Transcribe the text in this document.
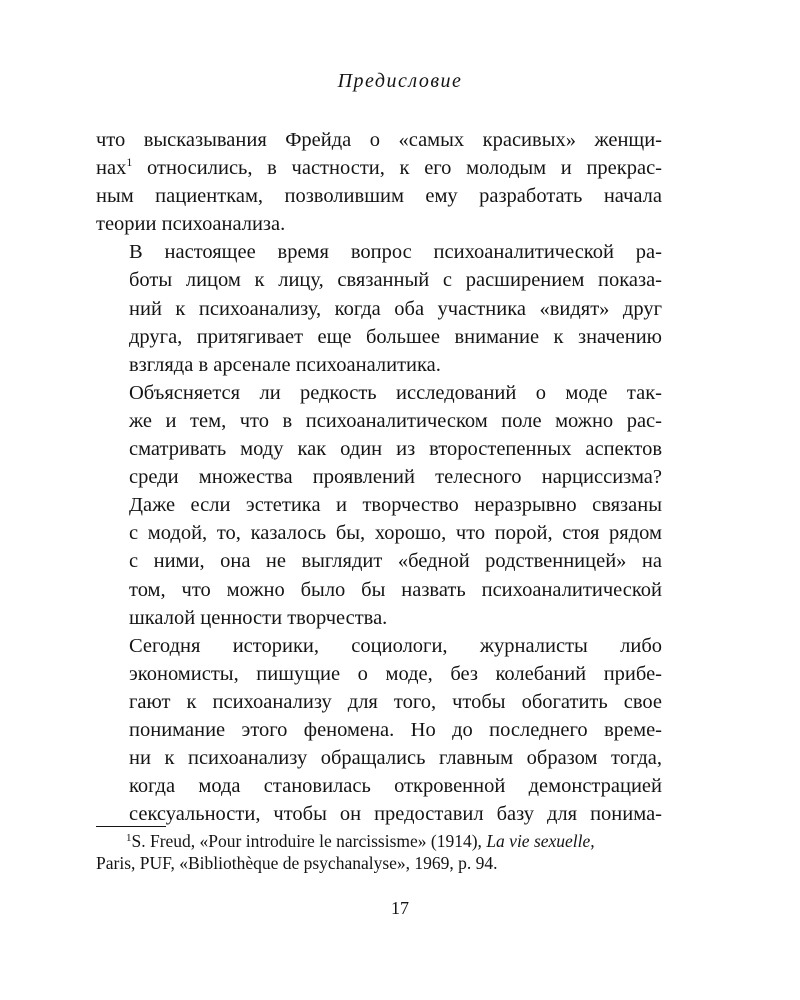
Предисловие

что высказывания Фрейда о «самых красивых» женщи-
нах$^1$ относились, в частности, к его молодым и прекрас-
ным пациенткам, позволившим ему разработать начала
теории психоанализа.

В настоящее время вопрос психоаналитической ра-
боты лицом к лицу, связанный с расширением показа-
ний к психоанализу, когда оба участника «видят» друг
друга, притягивает еще большее внимание к значению
взгляда в арсенале психоаналитика.

Объясняется ли редкость исследований о моде так-
же и тем, что в психоаналитическом поле можно рас-
сматривать моду как один из второстепенных аспектов
среди множества проявлений телесного нарциссизма?
Даже если эстетика и творчество неразрывно связаны
с модой, то, казалось бы, хорошо, что порой, стоя рядом
с ними, она не выглядит «бедной родственницей» на
том, что можно было бы назвать психоаналитической
шкалой ценности творчества.

Сегодня историки, социологи, журналисты либо
экономисты, пишущие о моде, без колебаний прибе-
гают к психоанализу для того, чтобы обогатить свое
понимание этого феномена. Но до последнего време-
ни к психоанализу обращались главным образом тогда,
когда мода становилась откровенной демонстрацией
сексуальности, чтобы он предоставил базу для понима-

$^1$S. Freud, «Pour introduire le narcissisme» (1914), La vie sexuelle,
Paris, PUF, «Bibliothèque de psychanalyse», 1969, p. 94.
17
